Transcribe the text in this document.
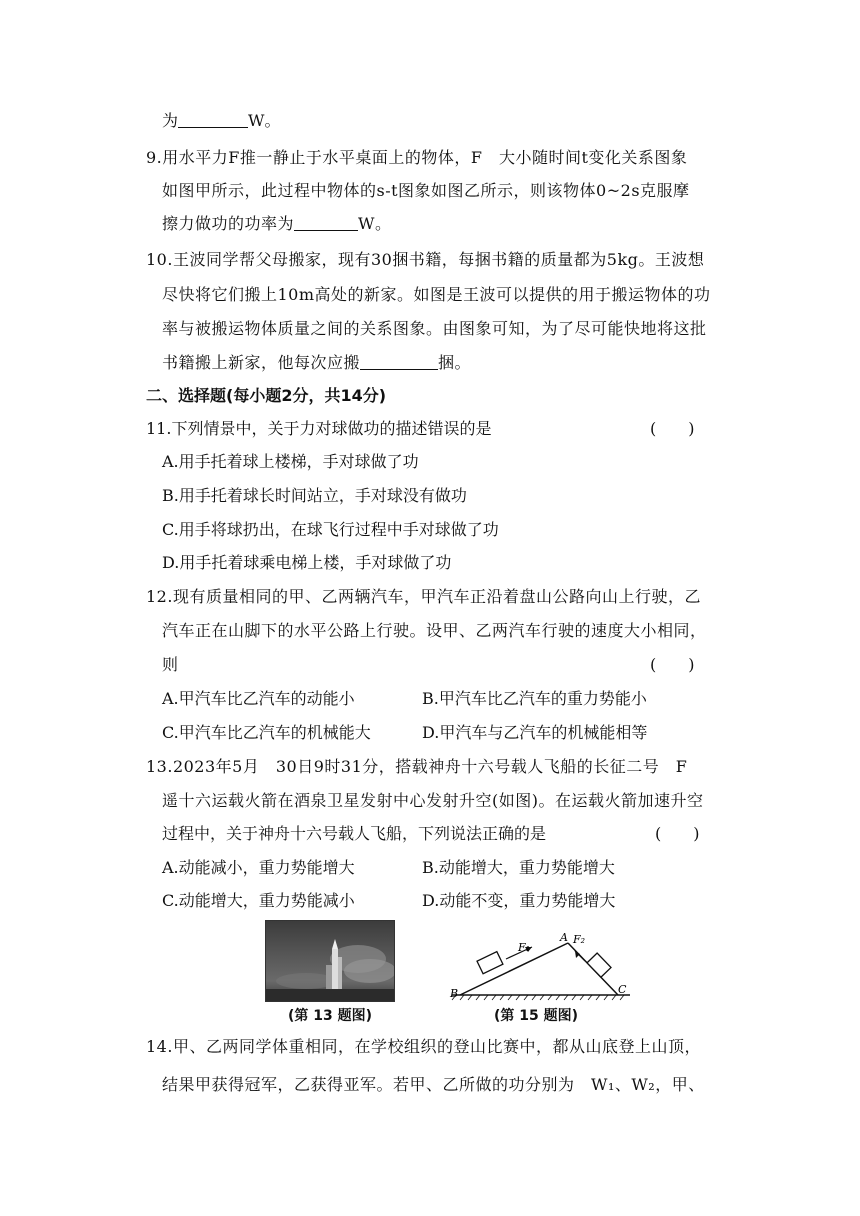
为	W。
9.用水平力F推一静止于水平桌面上的物体，F　大小随时间t变化关系图象
如图甲所示，此过程中物体的s-t图象如图乙所示，则该物体0~2s克服摩
擦力做功的功率为	W。
10.王波同学帮父母搬家，现有30捆书籍，每捆书籍的质量都为5kg。王波想
尽快将它们搬上10m高处的新家。如图是王波可以提供的用于搬运物体的功
率与被搬运物体质量之间的关系图象。由图象可知，为了尽可能快地将这批
书籍搬上新家，他每次应搬	捆。
二、选择题(每小题2分，共14分)
11.下列情景中，关于力对球做功的描述错误的是	(　　)
A.用手托着球上楼梯，手对球做了功
B.用手托着球长时间站立，手对球没有做功
C.用手将球扔出，在球飞行过程中手对球做了功
D.用手托着球乘电梯上楼，手对球做了功
12.现有质量相同的甲、乙两辆汽车，甲汽车正沿着盘山公路向山上行驶，乙
汽车正在山脚下的水平公路上行驶。设甲、乙两汽车行驶的速度大小相同，
则	(　　)
A.甲汽车比乙汽车的动能小	B.甲汽车比乙汽车的重力势能小
C.甲汽车比乙汽车的机械能大	D.甲汽车与乙汽车的机械能相等
13.2023年5月　30日9时31分，搭载神舟十六号载人飞船的长征二号　F
遥十六运载火箭在酒泉卫星发射中心发射升空(如图)。在运载火箭加速升空
过程中，关于神舟十六号载人飞船，下列说法正确的是	(　　)
A.动能减小，重力势能增大	B.动能增大，重力势能增大
C.动能增大，重力势能减小	D.动能不变，重力势能增大
(第 13 题图)
A
B	C
F₁
F₂
(第 15 题图)
14.甲、乙两同学体重相同，在学校组织的登山比赛中，都从山底登上山顶，
结果甲获得冠军，乙获得亚军。若甲、乙所做的功分别为　W₁、W₂，甲、
